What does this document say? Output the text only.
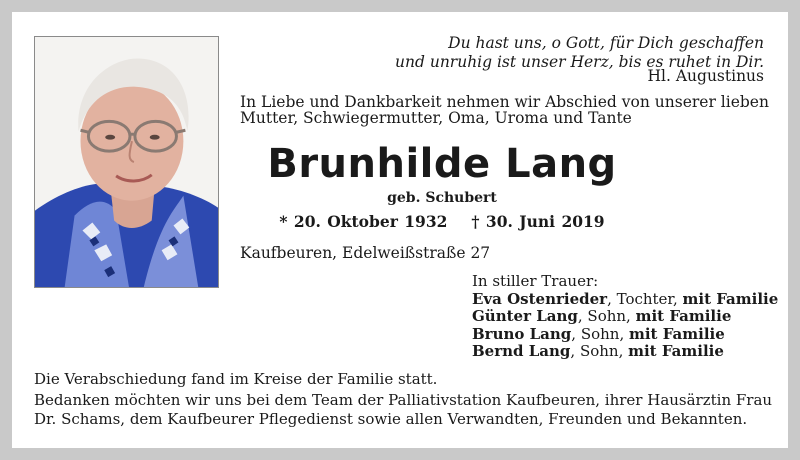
Du hast uns, o Gott, für Dich geschaffen
und unruhig ist unser Herz, bis es ruhet in Dir.
Hl. Augustinus
In Liebe und Dankbarkeit nehmen wir Abschied von unserer lieben
Mutter, Schwiegermutter, Oma, Uroma und Tante
Brunhilde Lang
geb. Schubert
* 20. Oktober 1932 † 30. Juni 2019
Kaufbeuren, Edelweißstraße 27
In stiller Trauer:
Eva Ostenrieder, Tochter, mit Familie
Günter Lang, Sohn, mit Familie
Bruno Lang, Sohn, mit Familie
Bernd Lang, Sohn, mit Familie
Die Verabschiedung fand im Kreise der Familie statt.
Bedanken möchten wir uns bei dem Team der Palliativstation Kaufbeuren, ihrer Hausärztin Frau
Dr. Schams, dem Kaufbeurer Pflegedienst sowie allen Verwandten, Freunden und Bekannten.
